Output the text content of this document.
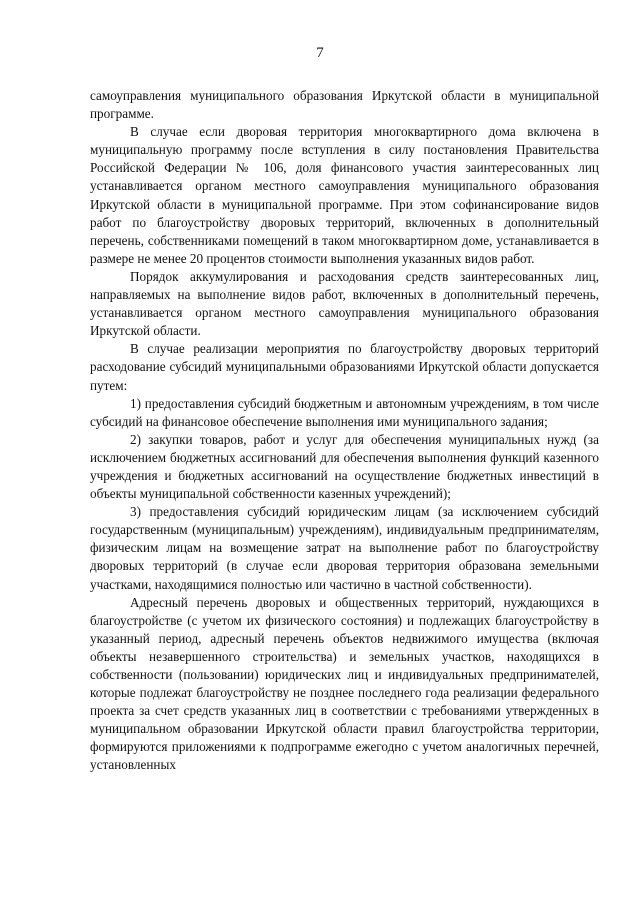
7

самоуправления муниципального образования Иркутской области в муниципальной программе.

В случае если дворовая территория многоквартирного дома включена в муниципальную программу после вступления в силу постановления Правительства Российской Федерации № 106, доля финансового участия заинтересованных лиц устанавливается органом местного самоуправления муниципального образования Иркутской области в муниципальной программе. При этом софинансирование видов работ по благоустройству дворовых территорий, включенных в дополнительный перечень, собственниками помещений в таком многоквартирном доме, устанавливается в размере не менее 20 процентов стоимости выполнения указанных видов работ.

Порядок аккумулирования и расходования средств заинтересованных лиц, направляемых на выполнение видов работ, включенных в дополнительный перечень, устанавливается органом местного самоуправления муниципального образования Иркутской области.

В случае реализации мероприятия по благоустройству дворовых территорий расходование субсидий муниципальными образованиями Иркутской области допускается путем:

1) предоставления субсидий бюджетным и автономным учреждениям, в том числе субсидий на финансовое обеспечение выполнения ими муниципального задания;

2) закупки товаров, работ и услуг для обеспечения муниципальных нужд (за исключением бюджетных ассигнований для обеспечения выполнения функций казенного учреждения и бюджетных ассигнований на осуществление бюджетных инвестиций в объекты муниципальной собственности казенных учреждений);

3) предоставления субсидий юридическим лицам (за исключением субсидий государственным (муниципальным) учреждениям), индивидуальным предпринимателям, физическим лицам на возмещение затрат на выполнение работ по благоустройству дворовых территорий (в случае если дворовая территория образована земельными участками, находящимися полностью или частично в частной собственности).

Адресный перечень дворовых и общественных территорий, нуждающихся в благоустройстве (с учетом их физического состояния) и подлежащих благоустройству в указанный период, адресный перечень объектов недвижимого имущества (включая объекты незавершенного строительства) и земельных участков, находящихся в собственности (пользовании) юридических лиц и индивидуальных предпринимателей, которые подлежат благоустройству не позднее последнего года реализации федерального проекта за счет средств указанных лиц в соответствии с требованиями утвержденных в муниципальном образовании Иркутской области правил благоустройства территории, формируются приложениями к подпрограмме ежегодно с учетом аналогичных перечней, установленных
